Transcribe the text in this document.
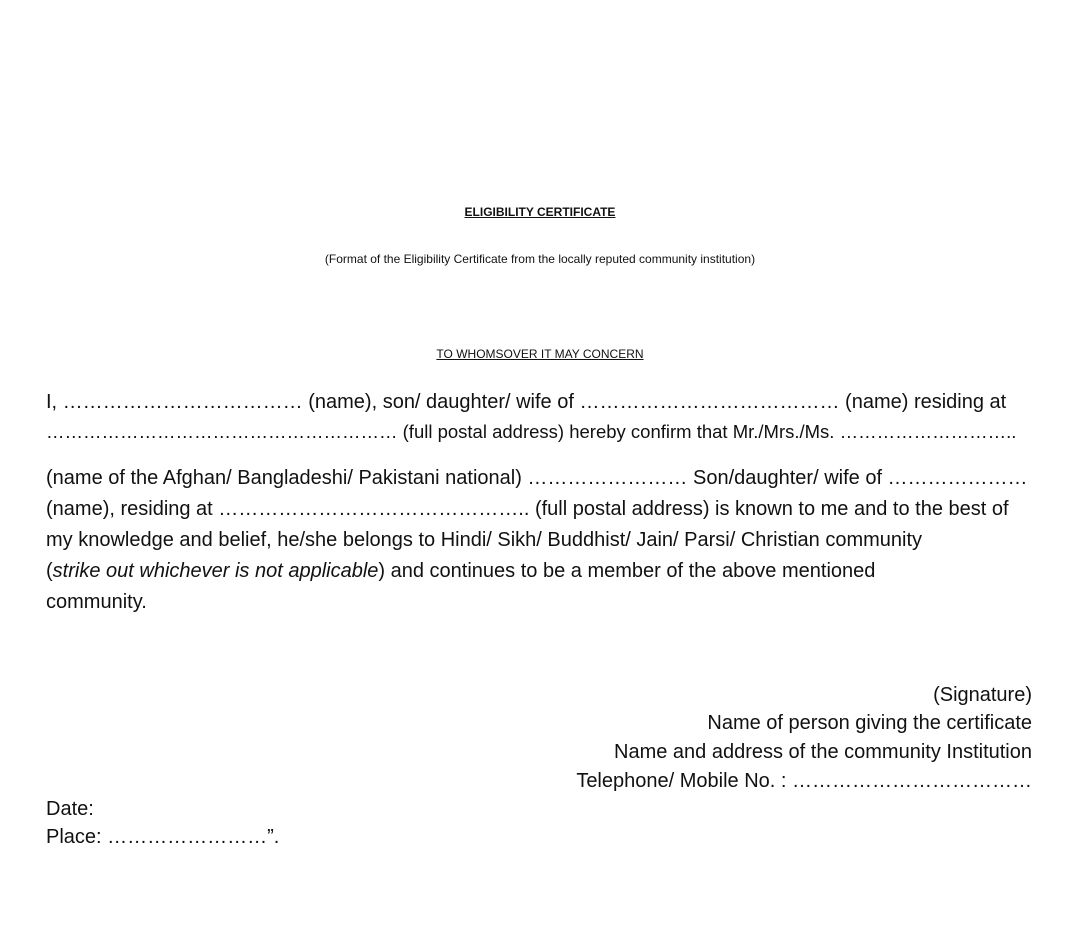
ELIGIBILITY CERTIFICATE
(Format of the Eligibility Certificate from the locally reputed community institution)
TO WHOMSOVER IT MAY CONCERN
I, ……………………………… (name), son/ daughter/ wife of ………………………………… (name) residing at
………………………………………………… (full postal address) hereby confirm that Mr./Mrs./Ms. ………………………..
(name of the Afghan/ Bangladeshi/ Pakistani national) …………………… Son/daughter/ wife of …………………
(name), residing at ……………………………………….. (full postal address) is known to me and to the best of
my knowledge and belief, he/she belongs to Hindi/ Sikh/ Buddhist/ Jain/ Parsi/ Christian community
(strike out whichever is not applicable) and continues to be a member of the above mentioned
community.
(Signature)
Name of person giving the certificate
Name and address of the community Institution
Telephone/ Mobile No. : ………………………………
Date:
Place: ……………………”.
